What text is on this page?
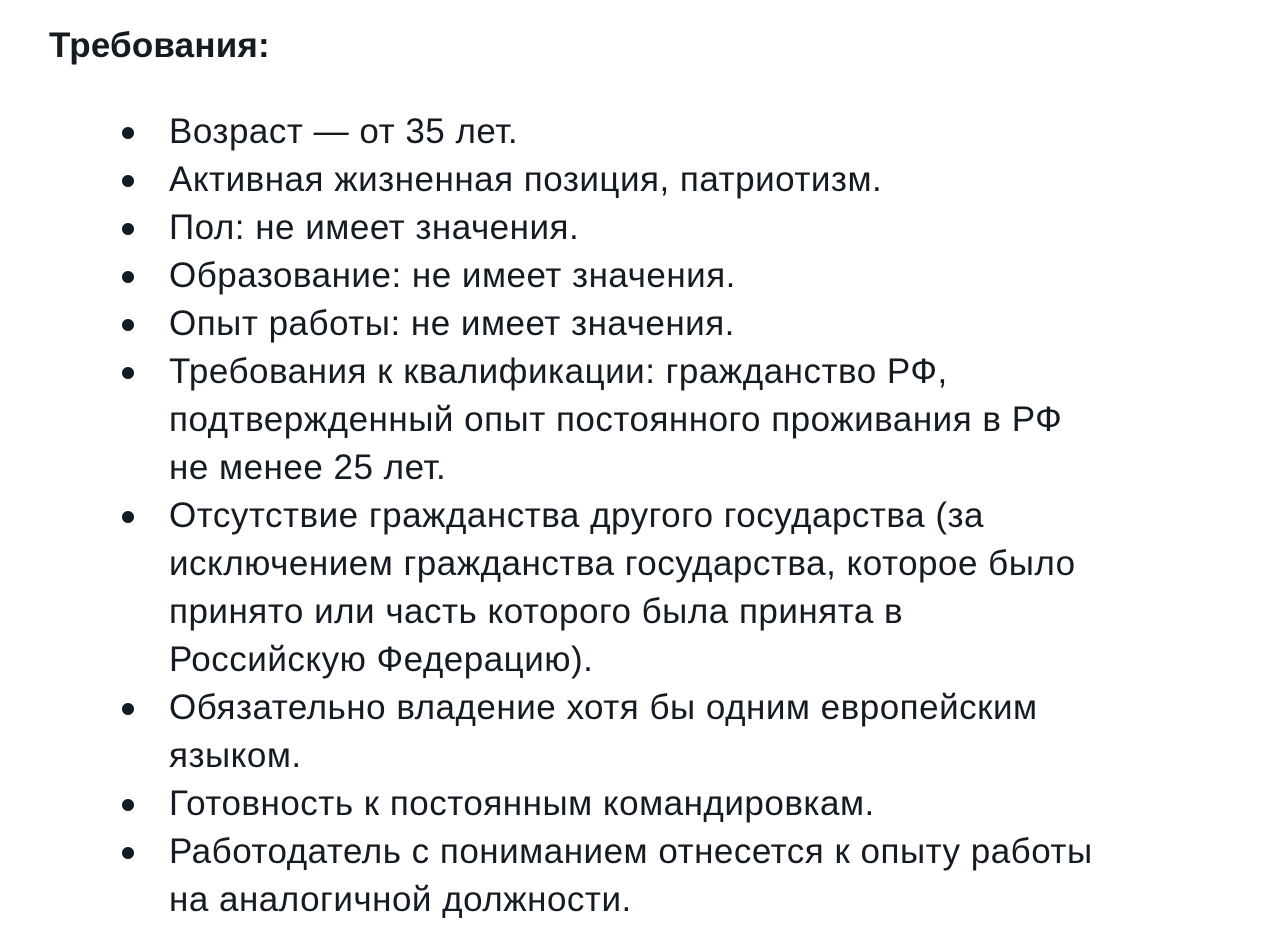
Требования:
Возраст — от 35 лет.
Активная жизненная позиция, патриотизм.
Пол: не имеет значения.
Образование: не имеет значения.
Опыт работы: не имеет значения.
Требования к квалификации: гражданство РФ,
подтвержденный опыт постоянного проживания в РФ
не менее 25 лет.
Отсутствие гражданства другого государства (за
исключением гражданства государства, которое было
принято или часть которого была принята в
Российскую Федерацию).
Обязательно владение хотя бы одним европейским
языком.
Готовность к постоянным командировкам.
Работодатель с пониманием отнесется к опыту работы
на аналогичной должности.
